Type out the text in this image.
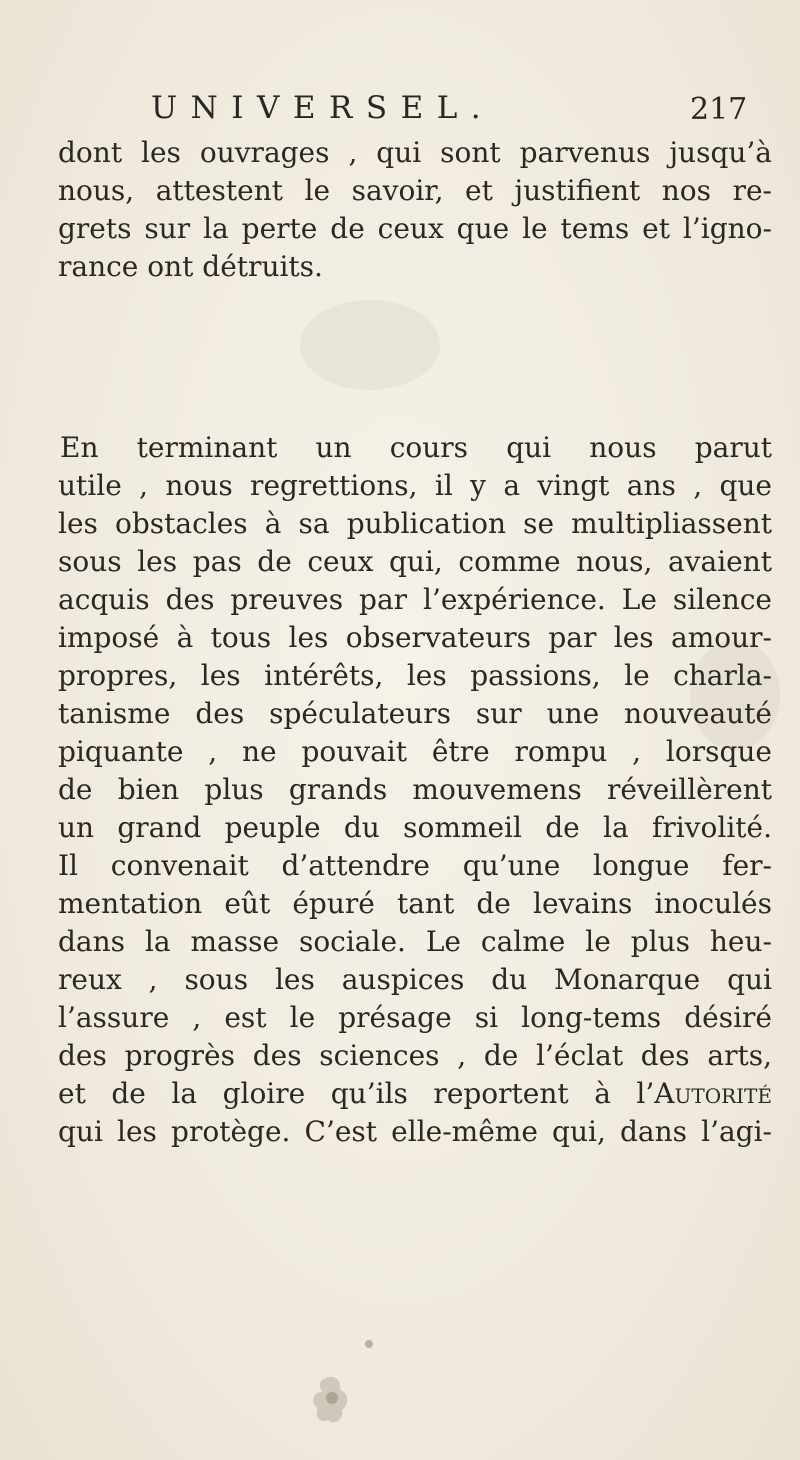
UNIVERSEL.	217
dont les ouvrages , qui sont parvenus jusqu’à
nous, attestent le savoir, et justifient nos re-
grets sur la perte de ceux que le tems et l’igno-
rance ont détruits.
En terminant un cours qui nous parut
utile , nous regrettions, il y a vingt ans , que
les obstacles à sa publication se multipliassent
sous les pas de ceux qui, comme nous, avaient
acquis des preuves par l’expérience. Le silence
imposé à tous les observateurs par les amour-
propres, les intérêts, les passions, le charla-
tanisme des spéculateurs sur une nouveauté
piquante , ne pouvait être rompu , lorsque
de bien plus grands mouvemens réveillèrent
un grand peuple du sommeil de la frivolité.
Il convenait d’attendre qu’une longue fer-
mentation eût épuré tant de levains inoculés
dans la masse sociale. Le calme le plus heu-
reux , sous les auspices du Monarque qui
l’assure , est le présage si long-tems désiré
des progrès des sciences , de l’éclat des arts,
et de la gloire qu’ils reportent à l’Autorité
qui les protège. C’est elle-même qui, dans l’agi-
